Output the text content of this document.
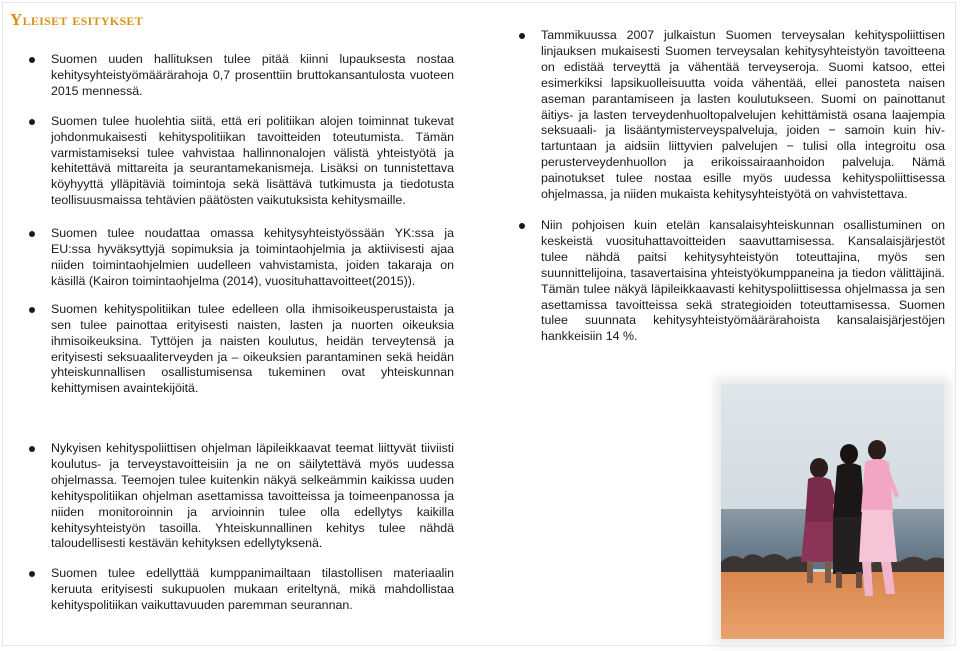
Yleiset esitykset
Suomen uuden hallituksen tulee pitää kiinni lupauksesta nostaa kehitysyhteistyömäärärahoja 0,7 prosenttiin bruttokansantulosta vuoteen 2015 mennessä.
Suomen tulee huolehtia siitä, että eri politiikan alojen toiminnat tukevat johdonmukaisesti kehityspolitiikan tavoitteiden toteutumista. Tämän varmistamiseksi tulee vahvistaa hallinnonalojen välistä yhteistyötä ja kehitettävä mittareita ja seurantamekanismeja. Lisäksi on tunnistettava köyhyyttä ylläpitäviä toimintoja sekä lisättävä tutkimusta ja tiedotusta teollisuusmaissa tehtävien päätösten vaikutuksista kehitysmaille.
Suomen tulee noudattaa omassa kehitysyhteistyössään YK:ssa ja EU:ssa hyväksyttyjä sopimuksia ja toimintaohjelmia ja aktiivisesti ajaa niiden toimintaohjelmien uudelleen vahvistamista, joiden takaraja on käsillä (Kairon toimintaohjelma (2014), vuosituhattavoitteet(2015)).
Suomen kehityspolitiikan tulee edelleen olla ihmisoikeusperustaista ja sen tulee painottaa erityisesti naisten, lasten ja nuorten oikeuksia ihmisoikeuksina. Tyttöjen ja naisten koulutus, heidän terveytensä ja erityisesti seksuaaliterveyden ja – oikeuksien parantaminen sekä heidän yhteiskunnallisen osallistumisensa tukeminen ovat yhteiskunnan kehittymisen avaintekijöitä.
Nykyisen kehityspoliittisen ohjelman läpileikkaavat teemat liittyvät tiiviisti koulutus- ja terveystavoitteisiin ja ne on säilytettävä myös uudessa ohjelmassa. Teemojen tulee kuitenkin näkyä selkeämmin kaikissa uuden kehityspolitiikan ohjelman asettamissa tavoitteissa ja toimeenpanossa ja niiden monitoroinnin ja arvioinnin tulee olla edellytys kaikilla kehitysyhteistyön tasoilla. Yhteiskunnallinen kehitys tulee nähdä taloudellisesti kestävän kehityksen edellytyksenä.
Suomen tulee edellyttää kumppanimailtaan tilastollisen materiaalin keruuta erityisesti sukupuolen mukaan eriteltynä, mikä mahdollistaa kehityspolitiikan vaikuttavuuden paremman seurannan.
Tammikuussa 2007 julkaistun Suomen terveysalan kehityspoliittisen linjauksen mukaisesti Suomen terveysalan kehitysyhteistyön tavoitteena on edistää terveyttä ja vähentää terveyseroja. Suomi katsoo, ettei esimerkiksi lapsikuolleisuutta voida vähentää, ellei panosteta naisen aseman parantamiseen ja lasten koulutukseen. Suomi on painottanut äitiys- ja lasten terveydenhuoltopalvelujen kehittämistä osana laajempia seksuaali- ja lisääntymisterveyspalveluja, joiden − samoin kuin hiv-tartuntaan ja aidsiin liittyvien palvelujen − tulisi olla integroitu osa perusterveydenhuollon ja erikoissairaanhoidon palveluja. Nämä painotukset tulee nostaa esille myös uudessa kehityspoliittisessa ohjelmassa, ja niiden mukaista kehitysyhteistyötä on vahvistettava.
Niin pohjoisen kuin etelän kansalaisyhteiskunnan osallistuminen on keskeistä vuosituhattavoitteiden saavuttamisessa. Kansalaisjärjestöt tulee nähdä paitsi kehitysyhteistyön toteuttajina, myös sen suunnittelijoina, tasavertaisina yhteistyökumppaneina ja tiedon välittäjinä. Tämän tulee näkyä läpileikkaavasti kehityspoliittisessa ohjelmassa ja sen asettamissa tavoitteissa sekä strategioiden toteuttamisessa. Suomen tulee suunnata kehitysyhteistyömäärärahoista kansalaisjärjestöjen hankkeisiin 14 %.
